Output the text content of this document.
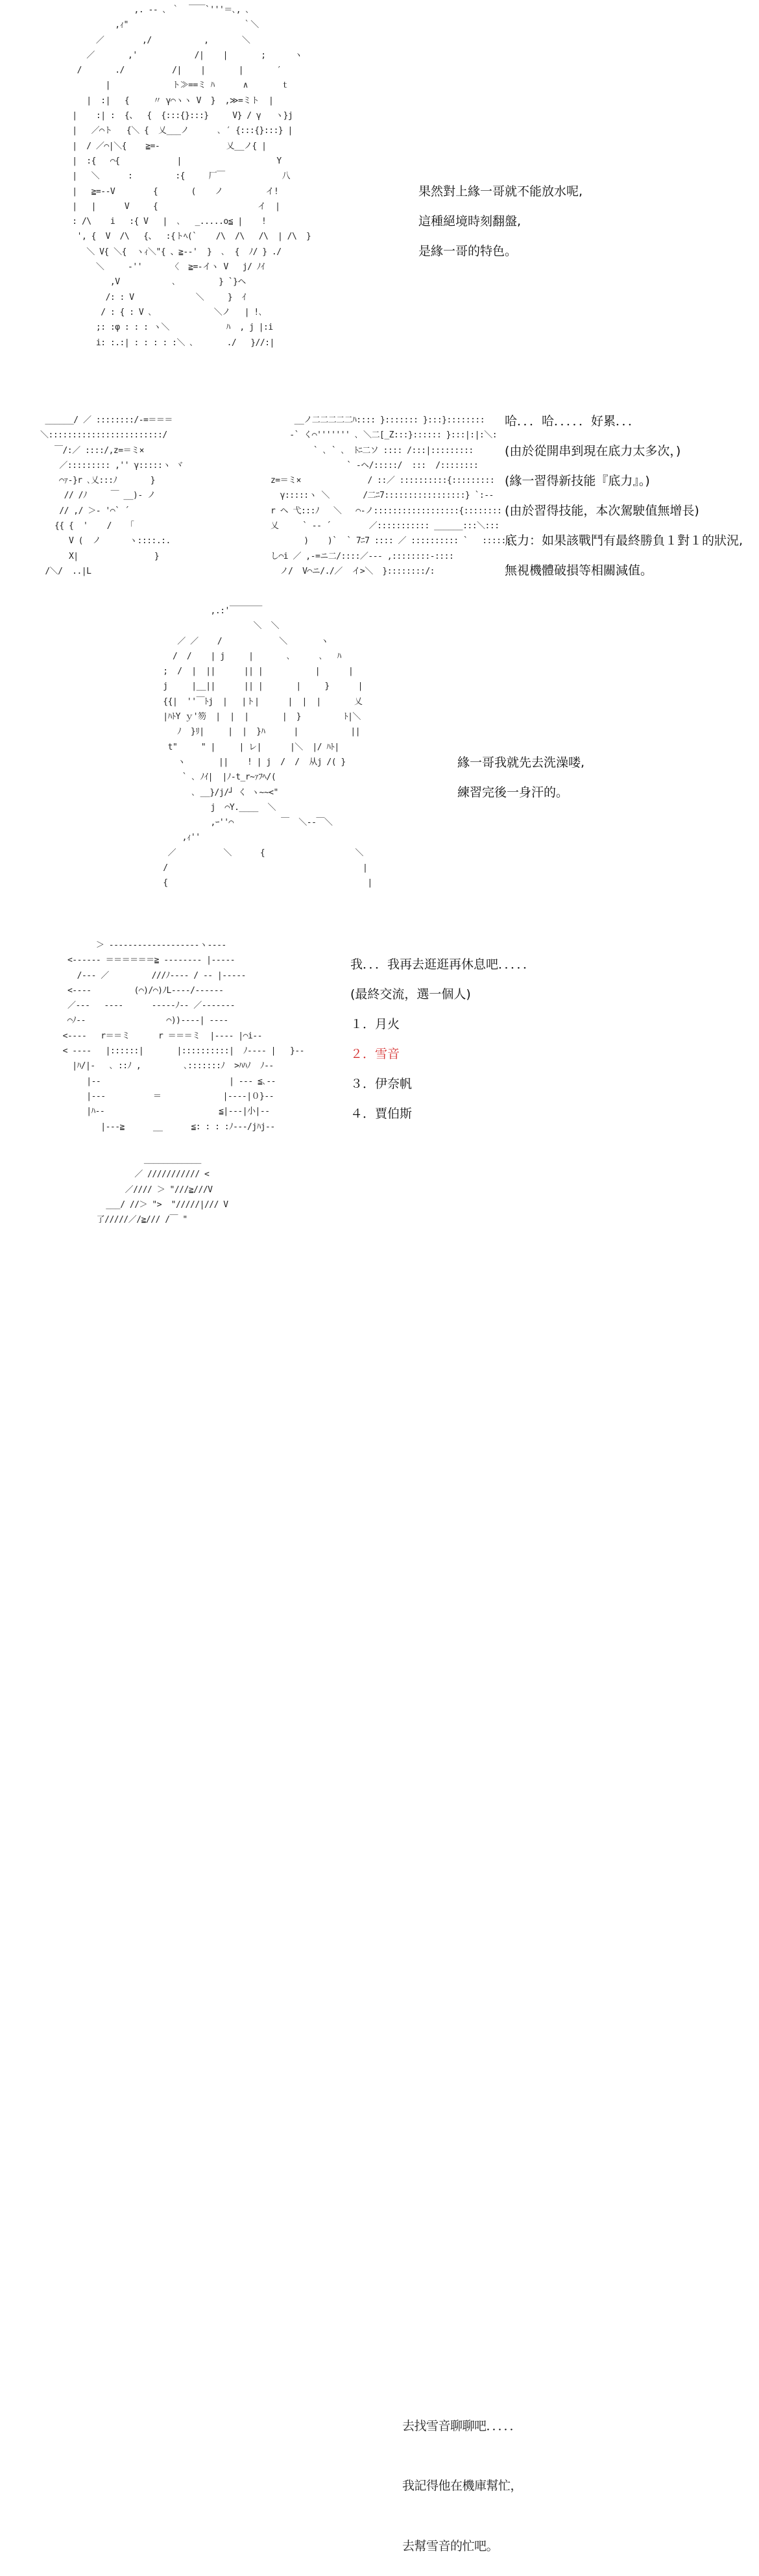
,. -‐ ､ ｀  ￣￣`'''＝､, ､
,ｨ"                        ｀＼
／        ,/           ,       ＼
／       ,'            /|    |       ;      ヽ
/       ./          /|    |       |       ′
|             ト≫==ミ ﾊ      ∧       ｔ
|  :|   {     〃 γ⌒ヽヽ V  }  ,≫=ミト  |
|    :| :  {、  {  {:::{}:::}     V} / γ   ヽ}j
|   ／⌒ト   {＼ {  乂___ノ      ､ ′ {:::{}:::} |
|  / ／⌒|＼{    ≧=-              乂__ノ{ |
|  :{   ⌒{            |                    Y
|   ＼      :         :{     厂￣            八
|   ≧=-‐V        {       (    ノ         イ!
|   |      V     {                     イ  |
: /\    i   :{ V   |  ､   _.....o≦ |    !
', {  V  /\   {、  :{トﾍ(`    /\  /\   /\  | /\  }
＼ V{ ＼{  ヽｨ＼"{ 、≧-‐'  }  ､  {  ﾉ/ } ./
＼     ‐''      〈  ≧=-イヽ V   j/ ﾉｲ
,V           ､         } `}ヘ
/: : V             ＼     }  ｲ
/ : { : V ､             ＼ノ   | !､
;: :φ : : : ヽ＼            ﾊ  , j |:i
i: :.:| : : : : :＼ ､       ./   }//:|

果然對上緣一哥就不能放水呢,
這種絕境時刻翻盤,
是緣一哥的特色。
______/ ／ ::::::::/‐=＝＝＝
＼::::::::::::::::::::::::/
￣/:／ ::::/,z=＝ミ×
／::::::::: ,'' γ:::::ヽ ヾ
⌒ｧ‐}r ､乂:::ﾉ       }
// /ﾉ     ￣ __)- ノ
// ,/ ＞- '⌒` ´
{{ {  '    /   「
V (  ノ      ヽ::::.:.
X|                }
/＼/  ..|L

__ノ二二二二二ﾊ:::: }::::::: }:::}::::::::
‐` く⌒''''''' ､ ＼二[_Z:::}:::::: }:::|:|:＼:
` ､ ` ､  ﾄﾆ二ソ :::: /:::|:::::::::
` ‐ヘ/:::::/  :::  /::::::::
z=＝ミ×              / ::／ ::::::::::{:::::::::
γ:::::ヽ ＼       /二ﾆ7:::::::::::::::::} `:‐-
r ヘ 弋:::ﾉ   ＼   ⌒‐ノ::::::::::::::::::{::::::::
乂     ` ‐‐ ´        ／::::::::::: ______:::＼:::
)    )`  ` 7ﾆ7 :::: ／ :::::::::: `   ::::::
し⌒i ／ ,-=ニ二/::::／‐‐‐ ,::::::::‐::::
ノ/  V⌒ニ/./／  イ>＼  }::::::::/:

哈．．．哈．．．．．好累．．．
(由於從開串到現在底力太多次，)
(緣一習得新技能『底力』。)
(由於習得技能，本次駕駛值無增長)
底力：如果該戰鬥有最終勝負１對１的狀況,
無視機體破損等相關減值。
,.:'￣￣￣￣
＼  ＼
／ ／    /            ＼       ヽ
/  /    | j     |       ､      ､   ﾊ
;  /  |  ||      || |           |      |
j     |__||      || |       |     }      |
{{|  ''￣ﾄj  |   |ト|      |  |  |       乂
|ﾊﾄY ｙ'笏  |  |  |       |  }         ﾄ|＼
ﾉ  }ﾘ|     |  |  }ﾊ      |           ||
t"     " |     | レ|      |＼  |/ ﾊﾄ|
ヽ       ||    ! | j  /  /  从j /( }
` ､ ﾉｲ|  |ﾉ-t_r~ｧﾌﾍ/(
､ __}/j/┘ く ヽ~~<"
j  ⌒Y.____  ＼
,ｰ''⌒          ￣  ＼‐‐￣＼
,ｨ''
／          ＼      {                   ＼
/                                         |
{                                          |

緣一哥我就先去洗澡喽,
練習完後一身汗的。
＞ ‐‐‐‐‐‐‐‐‐‐‐‐‐‐‐‐‐‐‐ヽ‐‐‐‐
<‐‐‐‐‐‐ ＝＝＝＝＝＝≧ ‐‐‐‐‐‐‐‐ |‐‐‐‐‐
/‐‐‐ ／         ///ﾉ‐‐‐‐ / ‐‐ |‐‐‐‐‐
<‐‐‐‐         (⌒)/⌒)ﾉL‐‐‐‐/‐‐‐‐‐‐
／‐‐‐   ‐‐‐‐      ‐‐‐‐‐ﾉ‐‐ ／‐‐‐‐‐‐‐
⌒ﾉ‐‐                 ⌒))‐‐‐‐| ‐‐‐‐
<‐‐‐‐   r＝＝ミ      r ＝＝＝ミ  |‐‐‐‐ |⌒i‐‐
< ‐‐‐‐   |::::::|       |::::::::::|  ﾉ‐‐‐‐ |   }‐‐
|ﾊ/|‐   ､ ::ﾉ ,         ､:::::::ﾉ  >ﾊﾊﾉ  ﾉ‐‐
|‐‐                           | ‐‐‐ ≦､‐‐
|‐‐‐          ＝             |‐‐‐‐|０}‐‐
|ﾊ‐‐                        ≦|‐‐‐|小|‐‐
|‐‐‐≧      __      ≦: : : :ﾉ‐‐‐/jﾊj‐‐

我．．．我再去逛逛再休息吧．．．．．
(最終交流，選一個人)
１．月火
２．雪音
３．伊奈帆
４．賈伯斯
____________
／ /////////// <
／//// ＞ "///≧///V
___/ //＞ ">  "/////|/// V
了/////／/≧/// /￣ "

去找雪音聊聊吧．．．．．

我記得他在機庫幫忙，

去幫雪音的忙吧。
